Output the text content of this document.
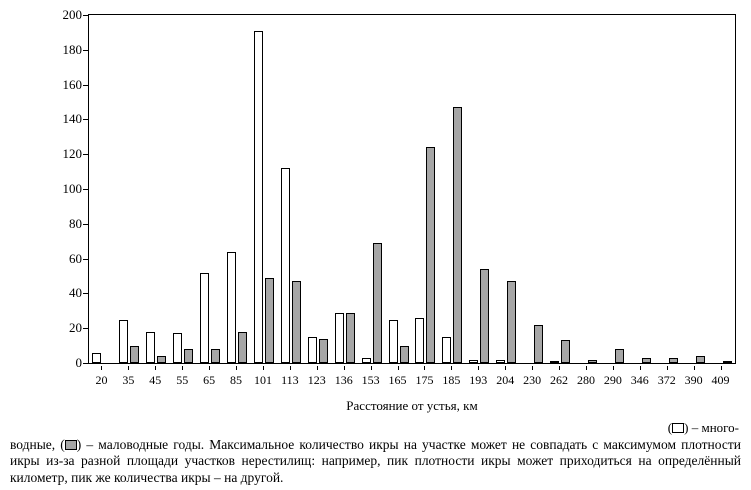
0
20
40
60
80
100
120
140
160
180
200
20 35 45 55 65 85 101 113 123 136 153 165 175 185 193 204 230 262 280 290 346 372 390 409
Расстояние от устья, км
( ) – много-
водные, ( ) – маловодные годы. Максимальное количество икры на участке может не совпадать с максимумом плотности икры из-за разной площади участков нерестилищ: например, пик плотности икры может приходиться на определённый километр, пик же количества икры – на другой.
